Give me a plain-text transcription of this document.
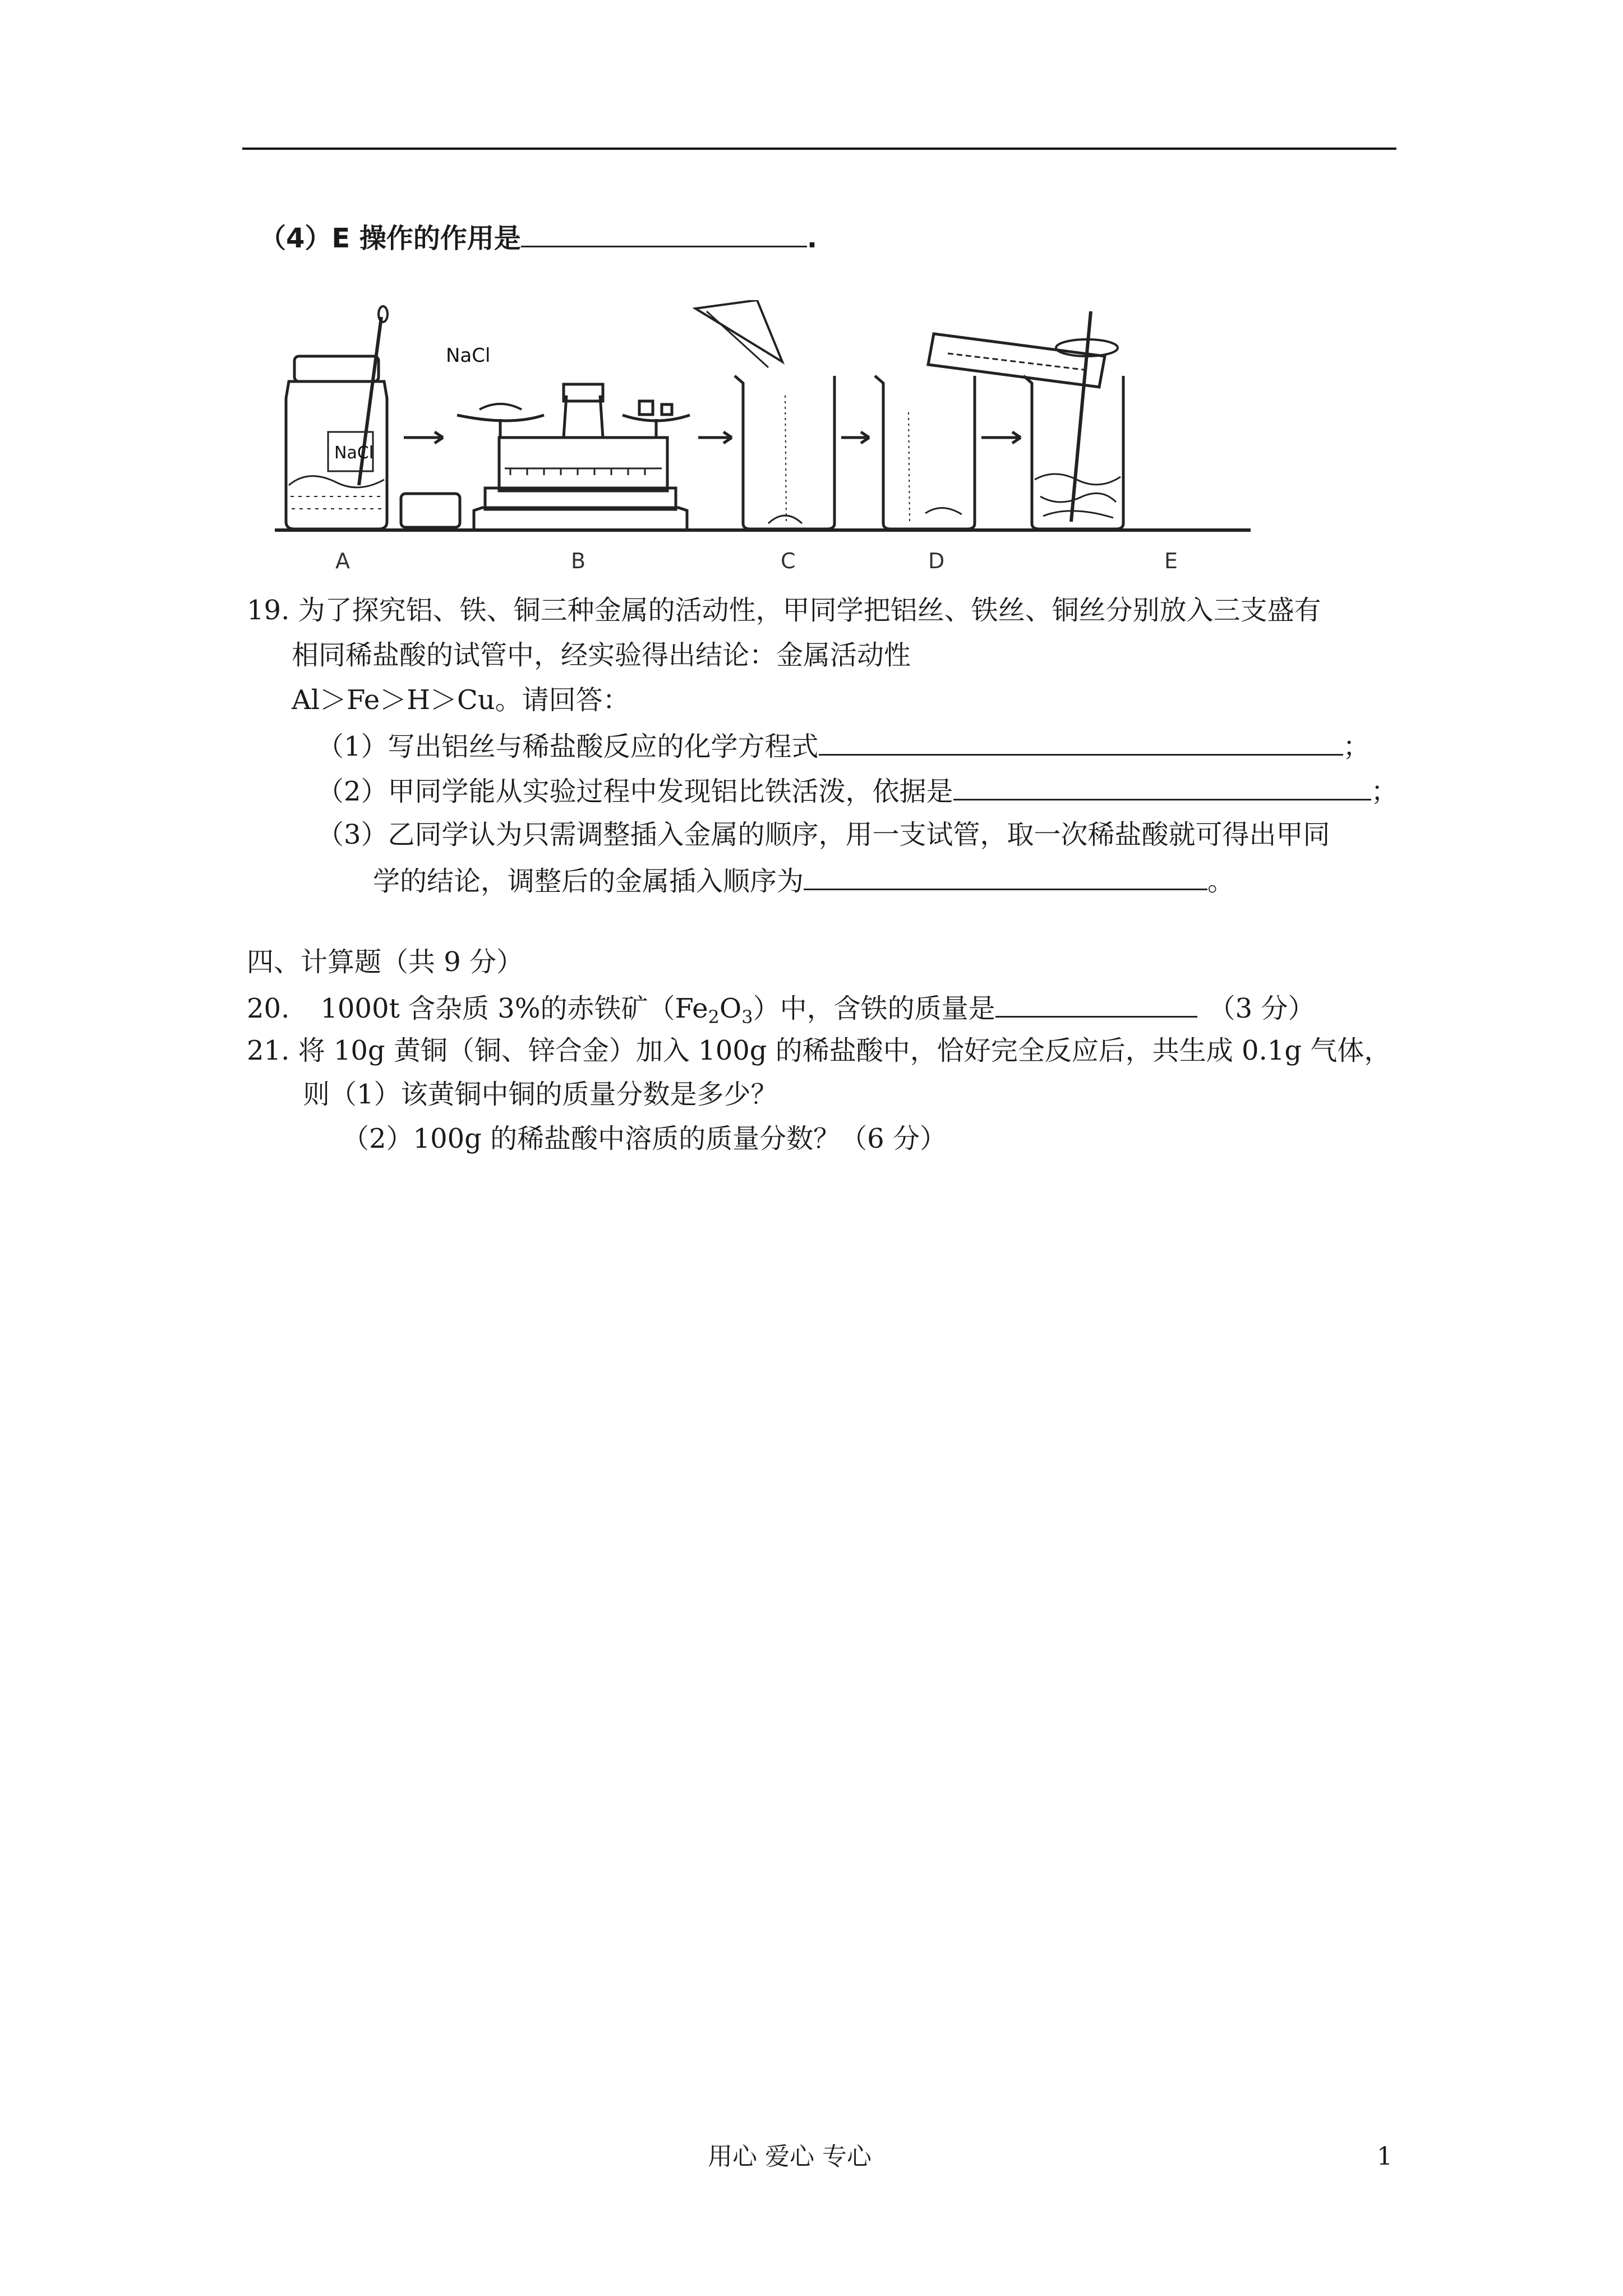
（4）E 操作的作用是	.
NaCl
NaCl
A	B	C	D	E
19. 为了探究铝、铁、铜三种金属的活动性，甲同学把铝丝、铁丝、铜丝分别放入三支盛有
相同稀盐酸的试管中，经实验得出结论：金属活动性
Al＞Fe＞H＞Cu。请回答：
（1）写出铝丝与稀盐酸反应的化学方程式	；
（2）甲同学能从实验过程中发现铝比铁活泼，依据是	；
（3）乙同学认为只需调整插入金属的顺序，用一支试管，取一次稀盐酸就可得出甲同
学的结论，调整后的金属插入顺序为	。
四、计算题（共 9 分）
20. 1000t 含杂质 3%的赤铁矿$(Fe_2O_3)$中，含铁的质量是	（3 分）
21. 将 10g 黄铜（铜、锌合金）加入 100g 的稀盐酸中，恰好完全反应后，共生成 0.1g 气体，
则（1）该黄铜中铜的质量分数是多少？
（2）100g 的稀盐酸中溶质的质量分数？（6 分）
用心 爱心 专心	1
